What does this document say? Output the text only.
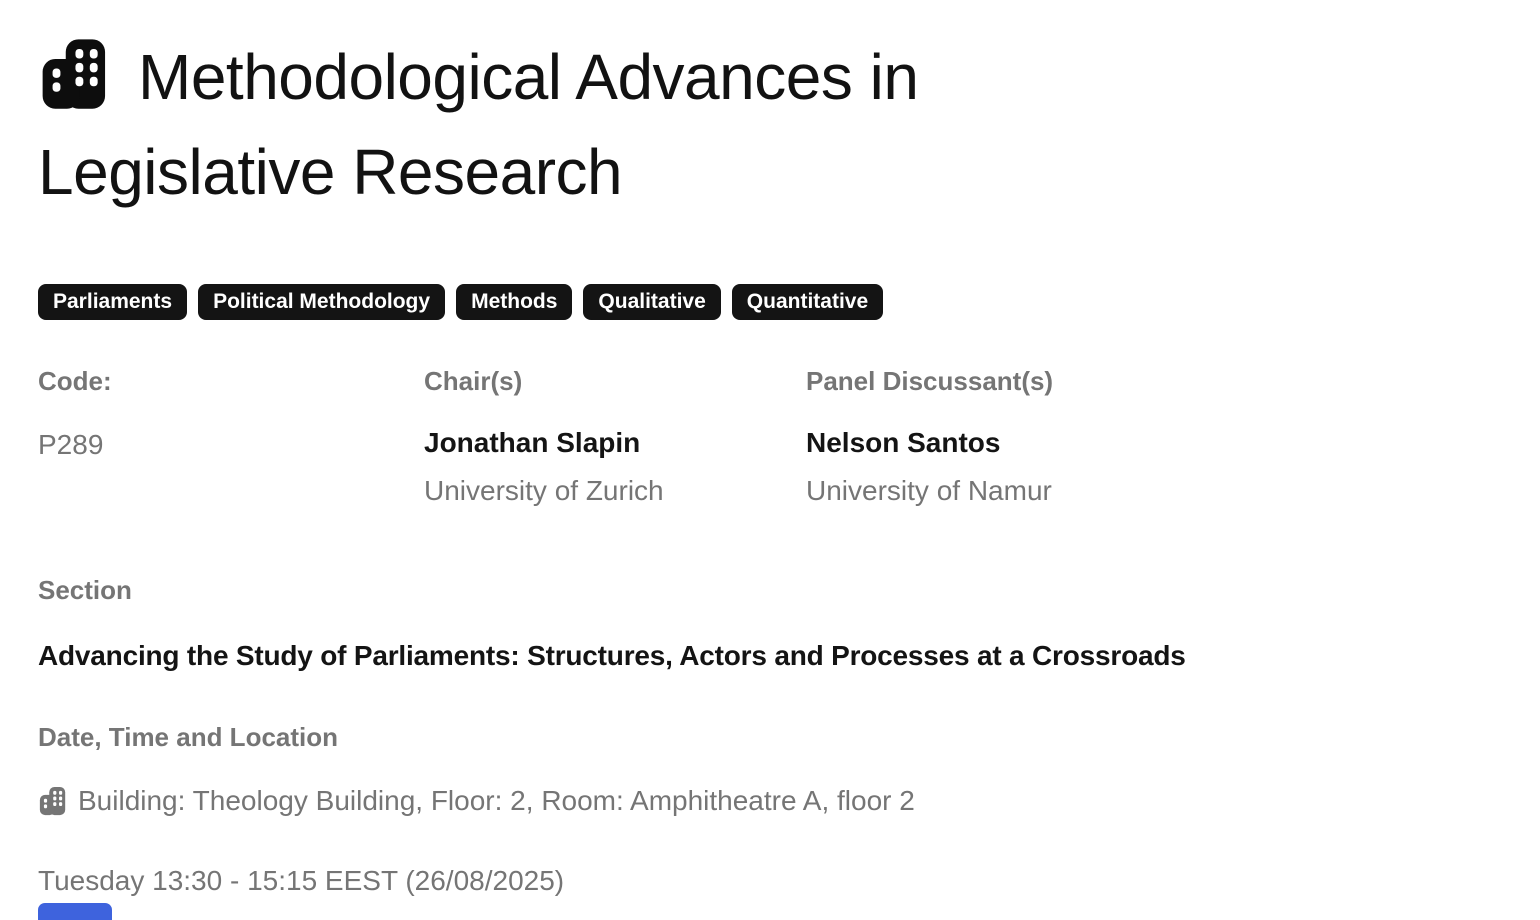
Methodological Advances in Legislative Research
Parliaments	Political Methodology	Methods	Qualitative	Quantitative
Code:
P289
Chair(s)
Jonathan Slapin
University of Zurich
Panel Discussant(s)
Nelson Santos
University of Namur
Section
Advancing the Study of Parliaments: Structures, Actors and Processes at a Crossroads
Date, Time and Location
Building: Theology Building, Floor: 2, Room: Amphitheatre A, floor 2
Tuesday 13:30 - 15:15 EEST (26/08/2025)
